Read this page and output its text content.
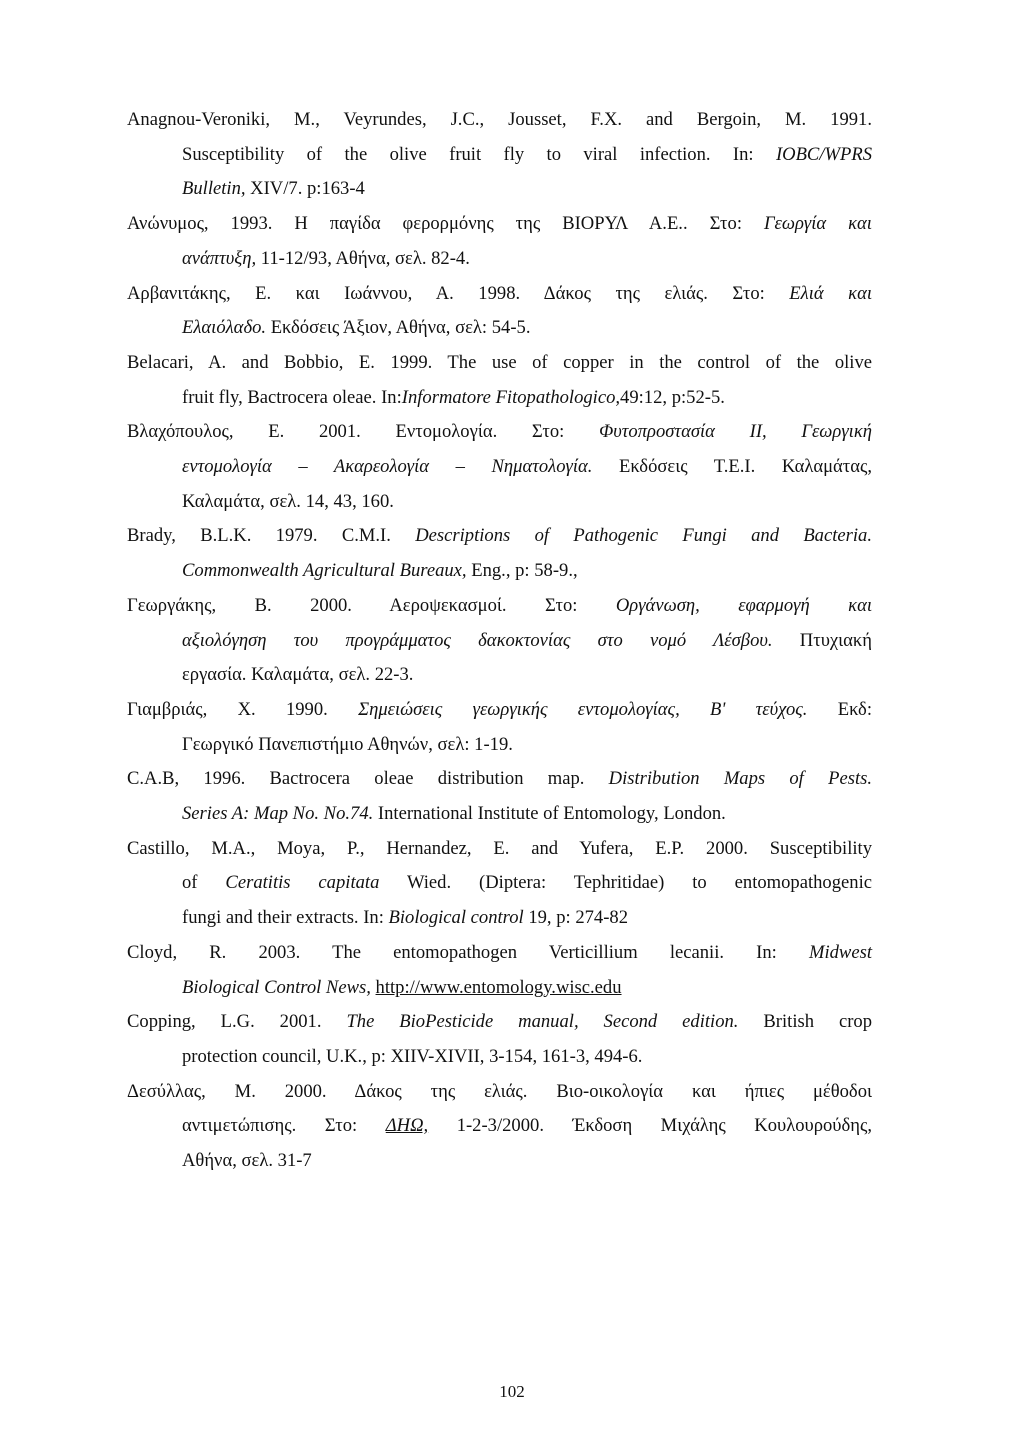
Anagnou-Veroniki, M., Veyrundes, J.C., Jousset, F.X. and Bergoin, M. 1991.
Susceptibility of the olive fruit fly to viral infection. In: IOBC/WPRS
Bulletin, XIV/7. p:163-4
Ανώνυμος, 1993. Η παγίδα φερορμόνης της ΒΙΟΡΥΛ Α.Ε.. Στο: Γεωργία και
ανάπτυξη, 11-12/93, Αθήνα, σελ. 82-4.
Αρβανιτάκης, Ε. και Ιωάννου, Α. 1998. Δάκος της ελιάς. Στο: Ελιά και
Ελαιόλαδο. Εκδόσεις Άξιον, Αθήνα, σελ: 54-5.
Belacari, A. and Bobbio, E. 1999. The use of copper in the control of the olive
fruit fly, Bactrocera oleae. In:Informatore Fitopathologico,49:12, p:52-5.
Βλαχόπουλος, Ε. 2001. Εντομολογία. Στο: Φυτοπροστασία ΙΙ, Γεωργική
εντομολογία – Ακαρεολογία – Νηματολογία. Εκδόσεις Τ.Ε.Ι. Καλαμάτας,
Καλαμάτα, σελ. 14, 43, 160.
Brady, B.L.K. 1979. C.M.I. Descriptions of Pathogenic Fungi and Bacteria.
Commonwealth Agricultural Bureaux, Eng., p: 58-9.,
Γεωργάκης, Β. 2000. Αεροψεκασμοί. Στο: Οργάνωση, εφαρμογή και
αξιολόγηση του προγράμματος δακοκτονίας στο νομό Λέσβου. Πτυχιακή
εργασία. Καλαμάτα, σελ. 22-3.
Γιαμβριάς, Χ. 1990. Σημειώσεις γεωργικής εντομολογίας, Β' τεύχος. Εκδ:
Γεωργικό Πανεπιστήμιο Αθηνών, σελ: 1-19.
C.A.B, 1996. Bactrocera oleae distribution map. Distribution Maps of Pests.
Series A: Map No. No.74. International Institute of Entomology, London.
Castillo, M.A., Moya, P., Hernandez, E. and Yufera, E.P. 2000. Susceptibility
of Ceratitis capitata Wied. (Diptera: Tephritidae) to entomopathogenic
fungi and their extracts. In: Biological control 19, p: 274-82
Cloyd, R. 2003. The entomopathogen Verticillium lecanii. In: Midwest
Biological Control News, http://www.entomology.wisc.edu
Copping, L.G. 2001. The BioPesticide manual, Second edition. British crop
protection council, U.K., p: XIIV-XIVII, 3-154, 161-3, 494-6.
Δεσύλλας, Μ. 2000. Δάκος της ελιάς. Βιο-οικολογία και ήπιες μέθοδοι
αντιμετώπισης. Στο: ΔΗΩ, 1-2-3/2000. Έκδοση Μιχάλης Κουλουρούδης,
Αθήνα, σελ. 31-7
102
